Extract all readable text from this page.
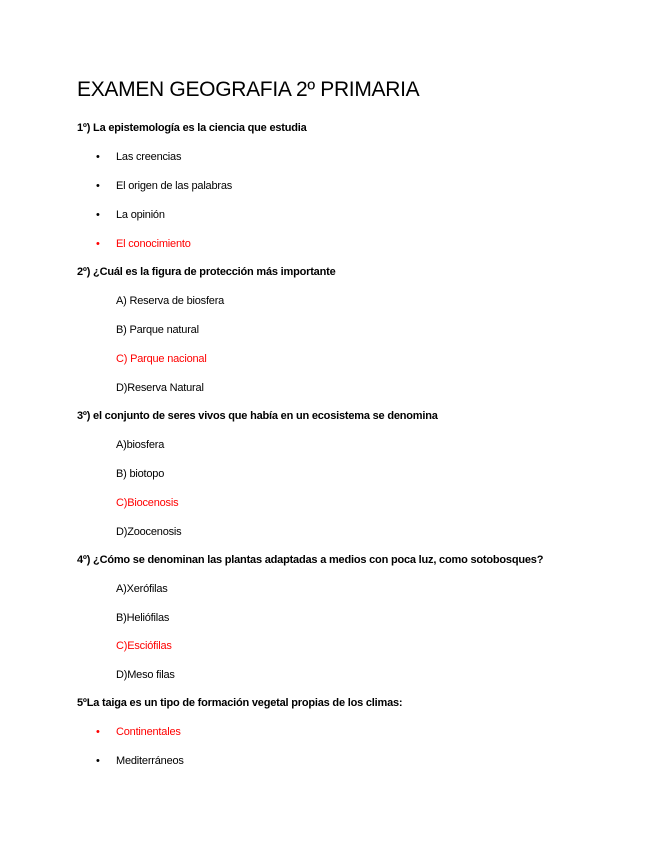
EXAMEN GEOGRAFIA 2º PRIMARIA
1º) La epistemología es la ciencia que estudia
• Las creencias
• El origen de las palabras
• La opinión
• El conocimiento
2º) ¿Cuál es la figura de protección más importante
A) Reserva de biosfera
B) Parque natural
C) Parque nacional
D)Reserva Natural
3º) el conjunto de seres vivos que había en un ecosistema se denomina
A)biosfera
B) biotopo
C)Biocenosis
D)Zoocenosis
4º) ¿Cómo se denominan las plantas adaptadas a medios con poca luz, como sotobosques?
A)Xerófilas
B)Heliófilas
C)Esciófilas
D)Meso filas
5ºLa taiga es un tipo de formación vegetal propias de los climas:
• Continentales
• Mediterráneos
